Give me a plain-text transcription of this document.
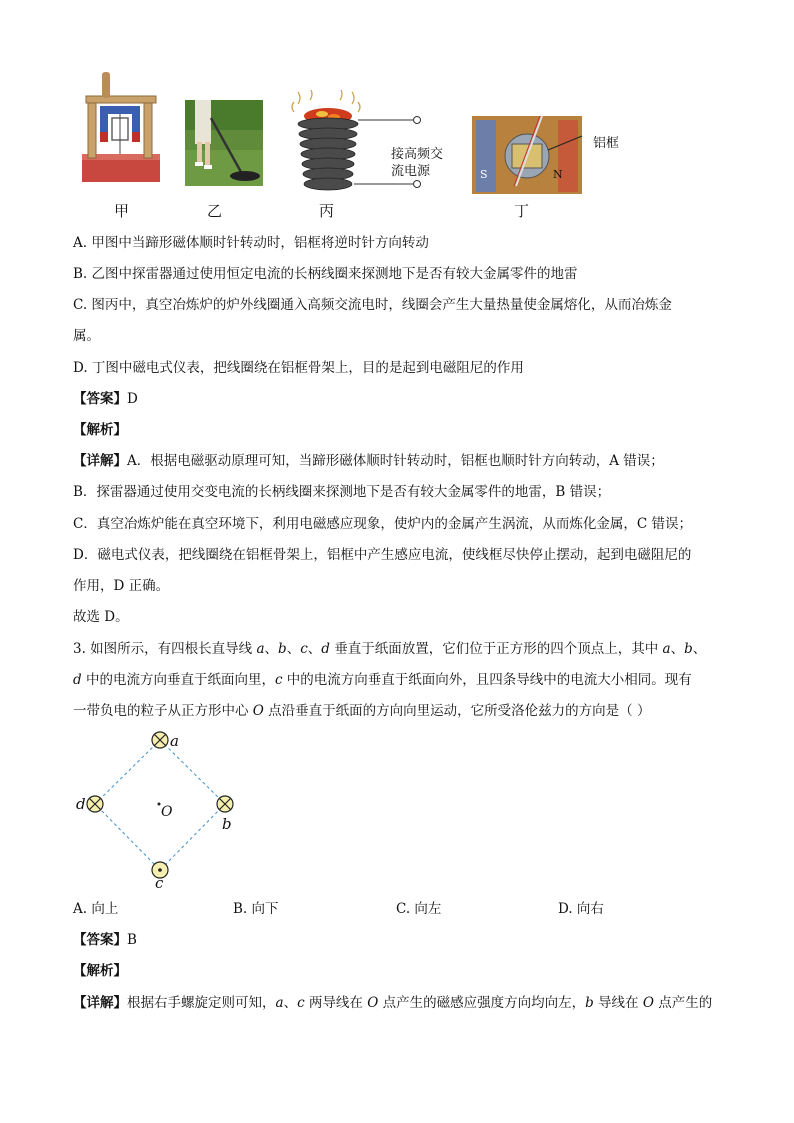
甲	乙
接高频交
流电源
丙
S	N
铝框
丁
A. 甲图中当蹄形磁体顺时针转动时，铝框将逆时针方向转动
B. 乙图中探雷器通过使用恒定电流的长柄线圈来探测地下是否有较大金属零件的地雷
C. 图丙中，真空冶炼炉的炉外线圈通入高频交流电时，线圈会产生大量热量使金属熔化，从而冶炼金
属。
D. 丁图中磁电式仪表，把线圈绕在铝框骨架上，目的是起到电磁阻尼的作用
【答案】D
【解析】
【详解】A．根据电磁驱动原理可知，当蹄形磁体顺时针转动时，铝框也顺时针方向转动，A 错误；
B．探雷器通过使用交变电流的长柄线圈来探测地下是否有较大金属零件的地雷，B 错误；
C．真空冶炼炉能在真空环境下，利用电磁感应现象，使炉内的金属产生涡流，从而炼化金属，C 错误；
D．磁电式仪表，把线圈绕在铝框骨架上，铝框中产生感应电流，使线框尽快停止摆动，起到电磁阻尼的
作用，D 正确。
故选 D。
3. 如图所示，有四根长直导线 a、b、c、d 垂直于纸面放置，它们位于正方形的四个顶点上，其中 a、b、
d 中的电流方向垂直于纸面向里，c 中的电流方向垂直于纸面向外，且四条导线中的电流大小相同。现有
一带负电的粒子从正方形中心 O 点沿垂直于纸面的方向向里运动，它所受洛伦兹力的方向是（ ）
a
b
c
d	O
A. 向上	B. 向下	C. 向左	D. 向右
【答案】B
【解析】
【详解】根据右手螺旋定则可知，a、c 两导线在 O 点产生的磁感应强度方向均向左，b 导线在 O 点产生的
